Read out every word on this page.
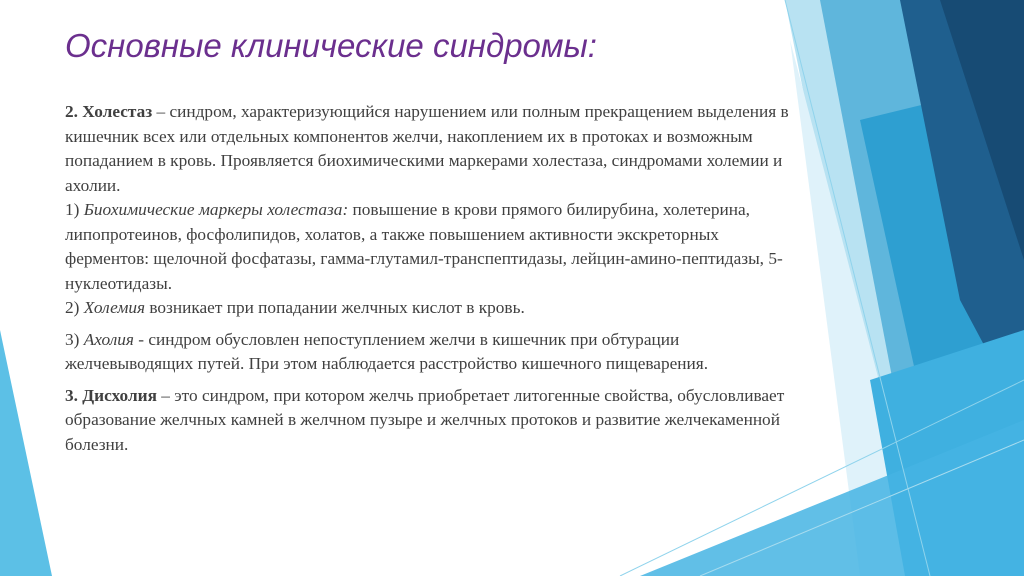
Основные клинические синдромы:

2. Холестаз – синдром, характеризующийся нарушением или полным прекращением выделения в кишечник всех или отдельных компонентов желчи, накоплением их в протоках и возможным попаданием в кровь. Проявляется биохимическими маркерами холестаза, синдромами холемии и ахолии.

1) Биохимические маркеры холестаза: повышение в крови прямого билирубина, холетерина, липопротеинов, фосфолипидов, холатов, а также повышением активности экскреторных ферментов: щелочной фосфатазы, гамма-глутамил-транспептидазы, лейцин-амино-пептидазы, 5-нуклеотидазы.

2) Холемия возникает при попадании желчных кислот в кровь.

3) Ахолия - синдром обусловлен непоступлением желчи в кишечник при обтурации желчевыводящих путей. При этом наблюдается расстройство кишечного пищеварения.

3. Дисхолия – это синдром, при котором желчь приобретает литогенные свойства, обусловливает образование желчных камней в желчном пузыре и желчных протоков и развитие желчекаменной болезни.
